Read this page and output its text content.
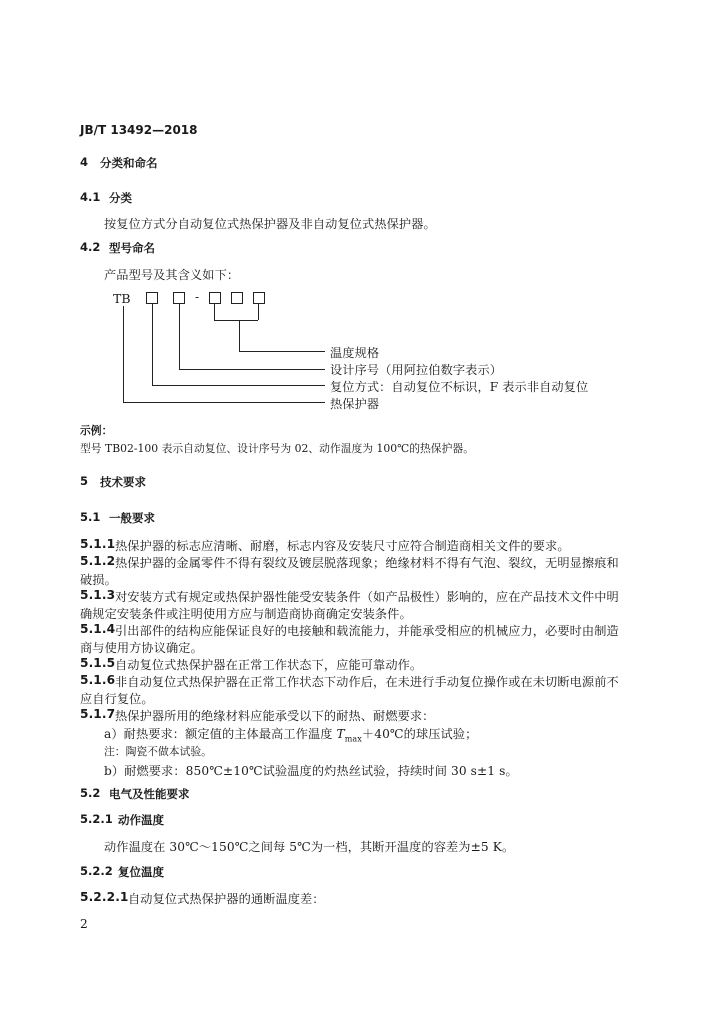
JB/T 13492—2018
4 分类和命名
4.1 分类
按复位方式分自动复位式热保护器及非自动复位式热保护器。
4.2 型号命名
产品型号及其含义如下：
TB	-
温度规格
设计序号（用阿拉伯数字表示）
复位方式：自动复位不标识，F 表示非自动复位
热保护器
示例：
型号 TB02-100 表示自动复位、设计序号为 02、动作温度为 100℃的热保护器。
5 技术要求
5.1 一般要求
5.1.1 热保护器的标志应清晰、耐磨，标志内容及安装尺寸应符合制造商相关文件的要求。
5.1.2 热保护器的金属零件不得有裂纹及镀层脱落现象；绝缘材料不得有气泡、裂纹，无明显擦痕和
破损。
5.1.3 对安装方式有规定或热保护器性能受安装条件（如产品极性）影响的，应在产品技术文件中明
确规定安装条件或注明使用方应与制造商协商确定安装条件。
5.1.4 引出部件的结构应能保证良好的电接触和载流能力，并能承受相应的机械应力，必要时由制造
商与使用方协议确定。
5.1.5 自动复位式热保护器在正常工作状态下，应能可靠动作。
5.1.6 非自动复位式热保护器在正常工作状态下动作后，在未进行手动复位操作或在未切断电源前不
应自行复位。
5.1.7 热保护器所用的绝缘材料应能承受以下的耐热、耐燃要求：
a）耐热要求：额定值的主体最高工作温度 $T_{max}+40℃$的球压试验；
注：陶瓷不做本试验。
b）耐燃要求：850℃±10℃试验温度的灼热丝试验，持续时间 30 s±1 s。
5.2 电气及性能要求
5.2.1 动作温度
动作温度在 30℃～150℃之间每 5℃为一档，其断开温度的容差为±5 K。
5.2.2 复位温度
5.2.2.1 自动复位式热保护器的通断温度差：
2
